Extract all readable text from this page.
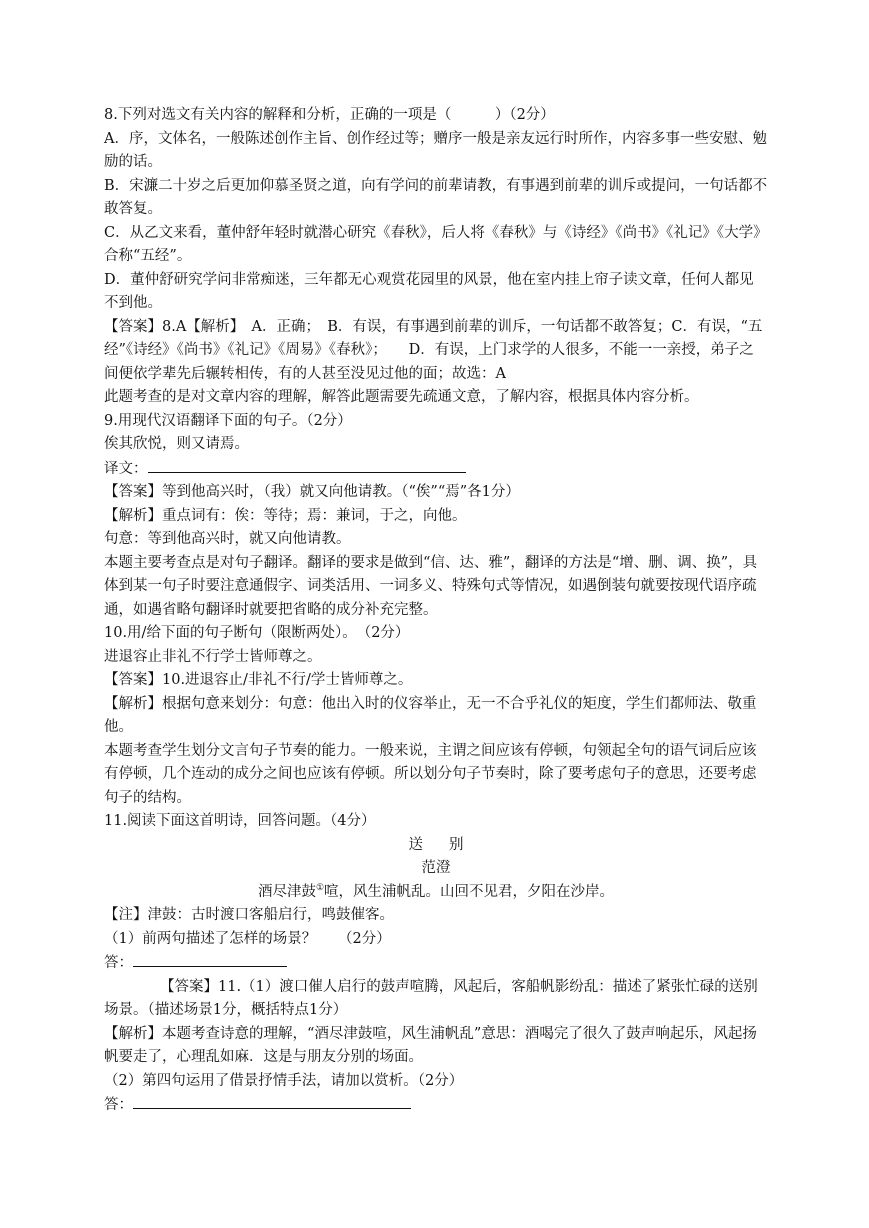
8.下列对选文有关内容的解释和分析，正确的一项是（　　　）（2分）

A．序，文体名，一般陈述创作主旨、创作经过等；赠序一般是亲友远行时所作，内容多事一些安慰、勉励的话。

B．宋濂二十岁之后更加仰慕圣贤之道，向有学问的前辈请教，有事遇到前辈的训斥或提问，一句话都不敢答复。

C．从乙文来看，董仲舒年轻时就潜心研究《春秋》，后人将《春秋》与《诗经》《尚书》《礼记》《大学》合称“五经”。

D．董仲舒研究学问非常痴迷，三年都无心观赏花园里的风景，他在室内挂上帘子读文章，任何人都见不到他。

【答案】8.A【解析】　A．正确；　B．有误，有事遇到前辈的训斥，一句话都不敢答复；C．有误，“五经”《诗经》《尚书》《礼记》《周易》《春秋》；　　D．有误，上门求学的人很多，不能一一亲授，弟子之间便依学辈先后辗转相传，有的人甚至没见过他的面；故选：A

此题考查的是对文章内容的理解，解答此题需要先疏通文意，了解内容，根据具体内容分析。

9.用现代汉语翻译下面的句子。（2分）

俟其欣悦，则又请焉。

译文：

【答案】等到他高兴时，（我）就又向他请教。（“俟”“焉”各1分）

【解析】重点词有：俟：等待；焉：兼词，于之，向他。

句意：等到他高兴时，就又向他请教。

本题主要考查点是对句子翻译。翻译的要求是做到“信、达、雅”，翻译的方法是“增、删、调、换”，具体到某一句子时要注意通假字、词类活用、一词多义、特殊句式等情况，如遇倒装句就要按现代语序疏通，如遇省略句翻译时就要把省略的成分补充完整。

10.用/给下面的句子断句（限断两处）。　（2分）

进退容止非礼不行学士皆师尊之。

【答案】10.进退容止/非礼不行/学士皆师尊之。

【解析】根据句意来划分：句意：他出入时的仪容举止，无一不合乎礼仪的矩度，学生们都师法、敬重他。

本题考查学生划分文言句子节奏的能力。一般来说，主谓之间应该有停顿，句领起全句的语气词后应该有停顿，几个连动的成分之间也应该有停顿。所以划分句子节奏时，除了要考虑句子的意思，还要考虑句子的结构。

11.阅读下面这首明诗，回答问题。（4分）

送别

范澄

酒尽津鼓①喧，风生浦帆乱。山回不见君，夕阳在沙岸。

【注】津鼓：古时渡口客船启行，鸣鼓催客。

（1）前两句描述了怎样的场景？　　（2分）

答：

【答案】11.（1）渡口催人启行的鼓声喧腾，风起后，客船帆影纷乱：描述了紧张忙碌的送别场景。（描述场景1分，概括特点1分）

【解析】本题考查诗意的理解，“酒尽津鼓喧，风生浦帆乱”意思：酒喝完了很久了鼓声响起乐，风起扬帆要走了，心理乱如麻．这是与朋友分别的场面。

（2）第四句运用了借景抒情手法，请加以赏析。（2分）

答：
